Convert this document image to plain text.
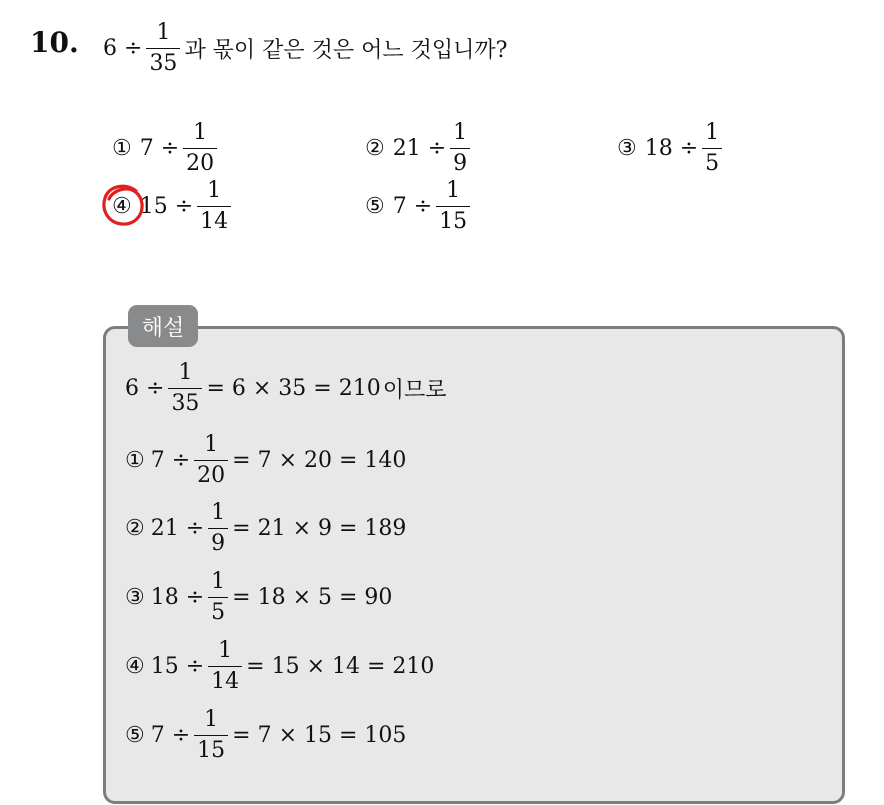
10. $6 \div \frac{1}{35}$ 과 몫이 같은 것은 어느 것입니까?
① $7 \div \frac{1}{20}$	② $21 \div \frac{1}{9}$	③ $18 \div \frac{1}{5}$
④ $15 \div \frac{1}{14}$	⑤ $7 \div \frac{1}{15}$
해설
$6 \div \frac{1}{35} = 6 \times 35 = 210$ 이므로
① $7 \div \frac{1}{20} = 7 \times 20 = 140$
② $21 \div \frac{1}{9} = 21 \times 9 = 189$
③ $18 \div \frac{1}{5} = 18 \times 5 = 90$
④ $15 \div \frac{1}{14} = 15 \times 14 = 210$
⑤ $7 \div \frac{1}{15} = 7 \times 15 = 105$
